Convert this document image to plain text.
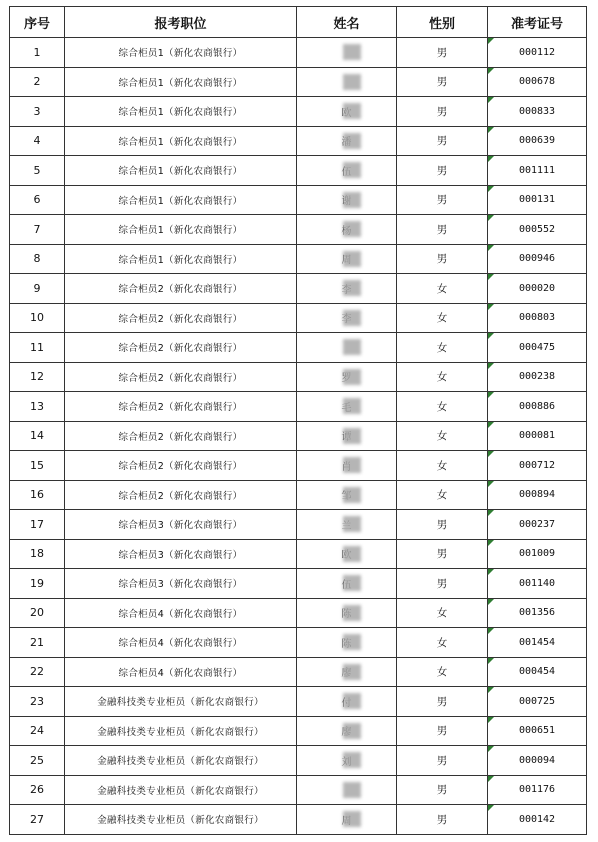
序号	报考职位	姓名	性别	准考证号
1	综合柜员1（新化农商银行）		男	000112

2	综合柜员1（新化农商银行）		男	000678

3	综合柜员1（新化农商银行）		男	000833

4	综合柜员1（新化农商银行）		男	000639

5	综合柜员1（新化农商银行）		男	001111

6	综合柜员1（新化农商银行）		男	000131

7	综合柜员1（新化农商银行）		男	000552

8	综合柜员1（新化农商银行）		男	000946

9	综合柜员2（新化农商银行）		女	000020

10	综合柜员2（新化农商银行）		女	000803

11	综合柜员2（新化农商银行）		女	000475

12	综合柜员2（新化农商银行）		女	000238

13	综合柜员2（新化农商银行）		女	000886

14	综合柜员2（新化农商银行）		女	000081

15	综合柜员2（新化农商银行）		女	000712

16	综合柜员2（新化农商银行）		女	000894

17	综合柜员3（新化农商银行）		男	000237

18	综合柜员3（新化农商银行）		男	001009

19	综合柜员3（新化农商银行）		男	001140

20	综合柜员4（新化农商银行）		女	001356

21	综合柜员4（新化农商银行）		女	001454

22	综合柜员4（新化农商银行）		女	000454

23	金融科技类专业柜员（新化农商银行）		男	000725

24	金融科技类专业柜员（新化农商银行）		男	000651

25	金融科技类专业柜员（新化农商银行）		男	000094

26	金融科技类专业柜员（新化农商银行）		男	001176

27	金融科技类专业柜员（新化农商银行）		男	000142
